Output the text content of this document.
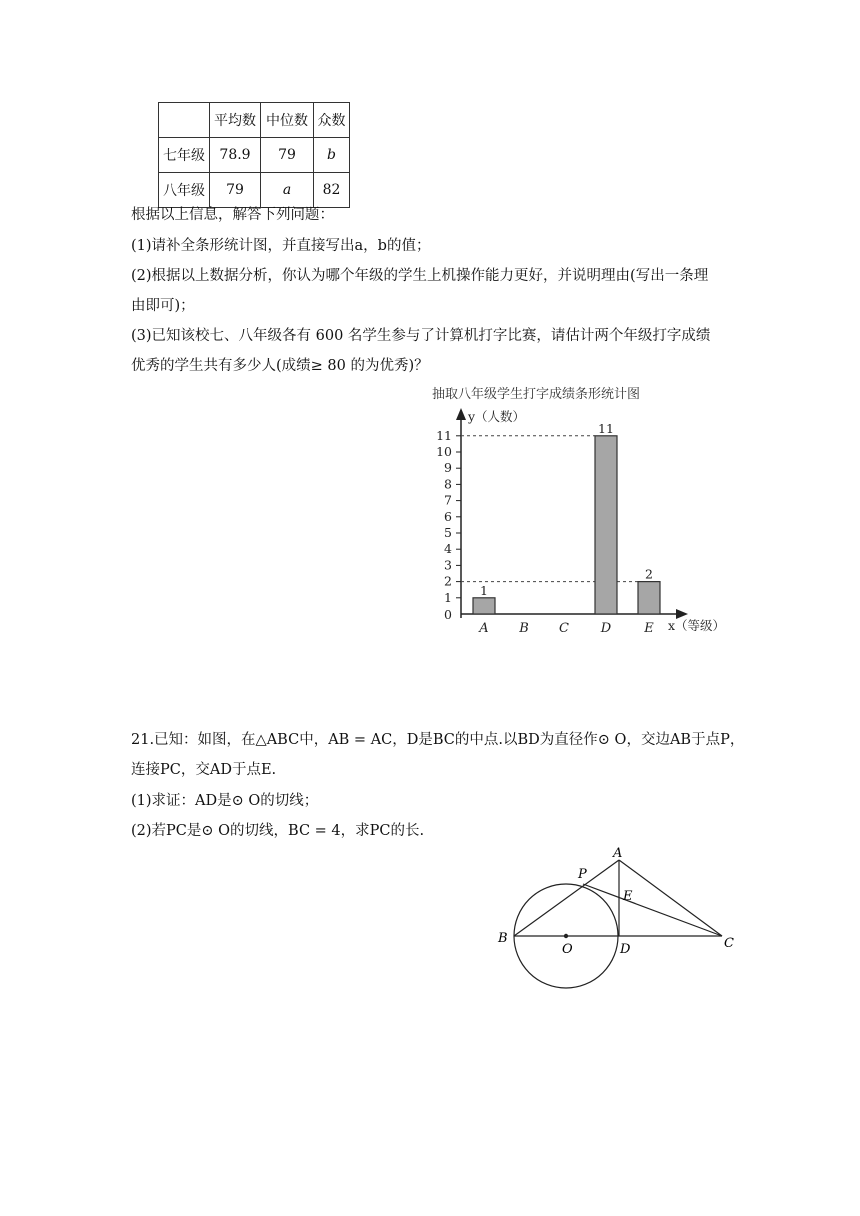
	平均数	中位数	众数
七年级	78.9	79	b
八年级	79	a	82
根据以上信息，解答下列问题：
(1)请补全条形统计图，并直接写出a，b的值；
(2)根据以上数据分析，你认为哪个年级的学生上机操作能力更好，并说明理由(写出一条理
由即可)；
(3)已知该校七、八年级各有 600 名学生参与了计算机打字比赛，请估计两个年级打字成绩
优秀的学生共有多少人(成绩≥ 80 的为优秀)？
抽取八年级学生打字成绩条形统计图
y（人数）
x（等级）
0
1
2
3
4
5
6
7
8
9
10
11
A B C D	E
1
11
2
21.已知：如图，在△ABC中，AB = AC，D是BC的中点.以BD为直径作⊙ O，交边AB于点P，
连接PC，交AD于点E.
(1)求证：AD是⊙ O的切线；
(2)若PC是⊙ O的切线，BC = 4，求PC的长.
A
P
E
B
O	D	C
